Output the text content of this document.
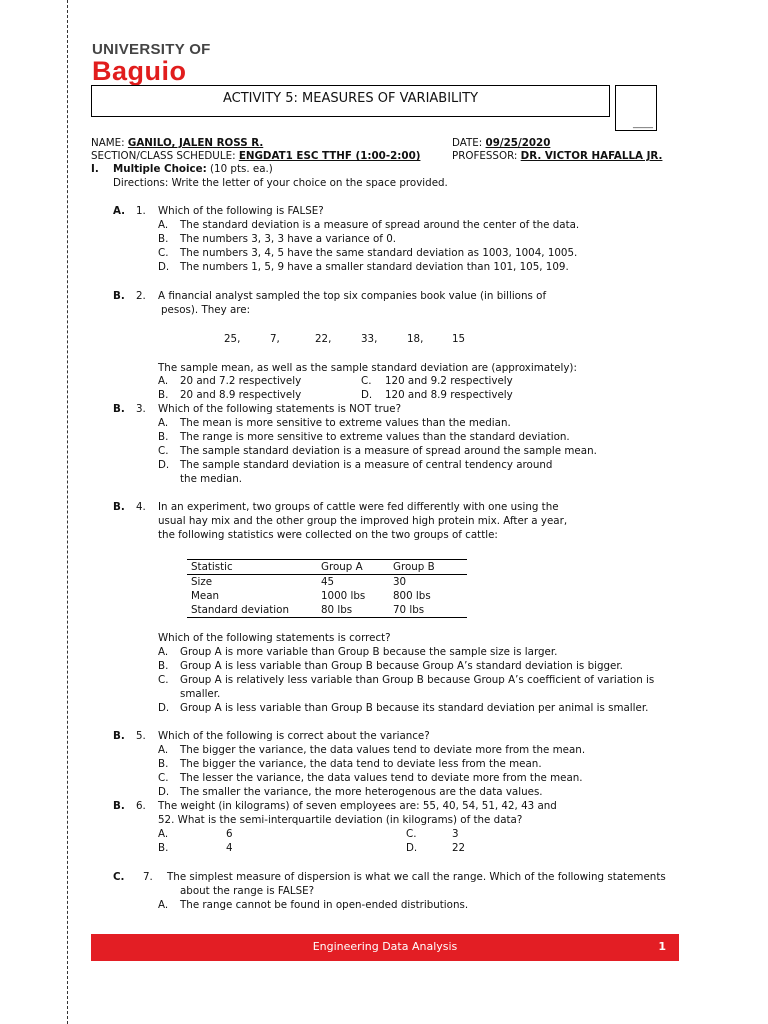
UNIVERSITY OF
Baguio
ACTIVITY 5: MEASURES OF VARIABILITY
_____
NAME: GANILO, JALEN ROSS R.	DATE: 09/25/2020
SECTION/CLASS SCHEDULE: ENGDAT1 ESC TTHF (1:00-2:00)	PROFESSOR: DR. VICTOR HAFALLA JR.
I. Multiple Choice: (10 pts. ea.)
Directions: Write the letter of your choice on the space provided.
A. 1. Which of the following is FALSE?
A. The standard deviation is a measure of spread around the center of the data.
B. The numbers 3, 3, 3 have a variance of 0.
C. The numbers 3, 4, 5 have the same standard deviation as 1003, 1004, 1005.
D. The numbers 1, 5, 9 have a smaller standard deviation than 101, 105, 109.
B. 2. A financial analyst sampled the top six companies book value (in billions of
pesos). They are:
25,	7,	22,	33,	18,	15
The sample mean, as well as the sample standard deviation are (approximately):
A. 20 and 7.2 respectively	C. 120 and 9.2 respectively
B. 20 and 8.9 respectively	D. 120 and 8.9 respectively
B. 3. Which of the following statements is NOT true?
A. The mean is more sensitive to extreme values than the median.
B. The range is more sensitive to extreme values than the standard deviation.
C. The sample standard deviation is a measure of spread around the sample mean.
D. The sample standard deviation is a measure of central tendency around
the median.
B. 4. In an experiment, two groups of cattle were fed differently with one using the
usual hay mix and the other group the improved high protein mix. After a year,
the following statistics were collected on the two groups of cattle:
Statistic	Group A	Group B
Size	45	30
Mean	1000 lbs	800 lbs
Standard deviation	80 lbs	70 lbs
Which of the following statements is correct?
A. Group A is more variable than Group B because the sample size is larger.
B. Group A is less variable than Group B because Group A’s standard deviation is bigger.
C. Group A is relatively less variable than Group B because Group A’s coefficient of variation is
smaller.
D. Group A is less variable than Group B because its standard deviation per animal is smaller.
B. 5. Which of the following is correct about the variance?
A. The bigger the variance, the data values tend to deviate more from the mean.
B. The bigger the variance, the data tend to deviate less from the mean.
C. The lesser the variance, the data values tend to deviate more from the mean.
D. The smaller the variance, the more heterogenous are the data values.
B. 6. The weight (in kilograms) of seven employees are: 55, 40, 54, 51, 42, 43 and
52. What is the semi-interquartile deviation (in kilograms) of the data?
A.	6	C.	3
B.	4	D.	22
C. 7. The simplest measure of dispersion is what we call the range. Which of the following statements
about the range is FALSE?
A. The range cannot be found in open-ended distributions.
Engineering Data Analysis	1
